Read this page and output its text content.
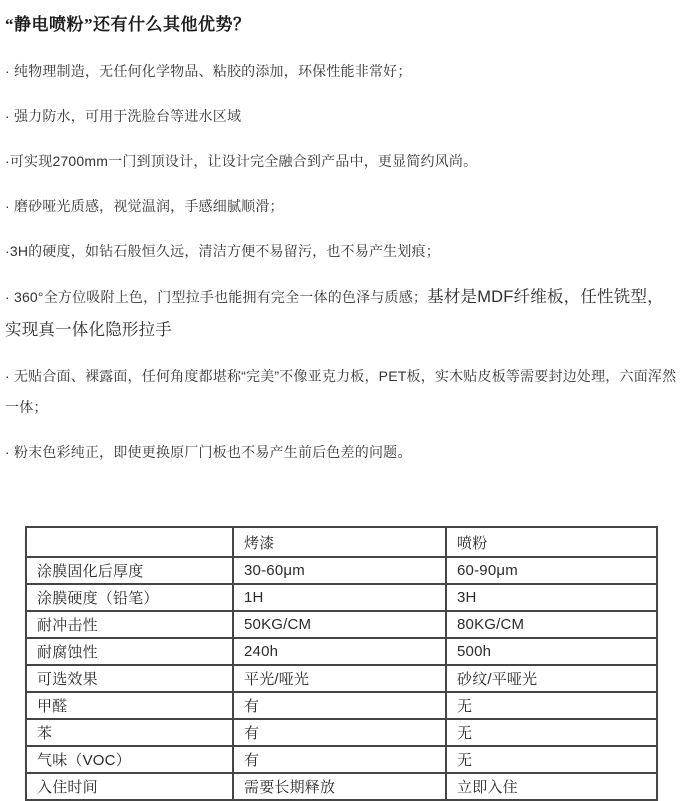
“静电喷粉”还有什么其他优势？

· 纯物理制造，无任何化学物品、粘胶的添加，环保性能非常好；

· 强力防水，可用于洗脸台等进水区域

·可实现2700mm一门到顶设计，让设计完全融合到产品中，更显简约风尚。

· 磨砂哑光质感，视觉温润，手感细腻顺滑；

·3H的硬度，如钻石般恒久远，清洁方便不易留污，也不易产生划痕；

· 360°全方位吸附上色，门型拉手也能拥有完全一体的色泽与质感；基材是MDF纤维板，任性铣型，实现真一体化隐形拉手

· 无贴合面、裸露面，任何角度都堪称“完美”不像亚克力板，PET板，实木贴皮板等需要封边处理，六面浑然一体；

· 粉末色彩纯正，即使更换原厂门板也不易产生前后色差的问题。

	烤漆	喷粉
涂膜固化后厚度	30-60μm	60-90μm
涂膜硬度（铅笔）	1H	3H
耐冲击性	50KG/CM	80KG/CM
耐腐蚀性	240h	500h
可选效果	平光/哑光	砂纹/平哑光
甲醛	有	无
苯	有	无
气味（VOC）	有	无
入住时间	需要长期释放	立即入住
